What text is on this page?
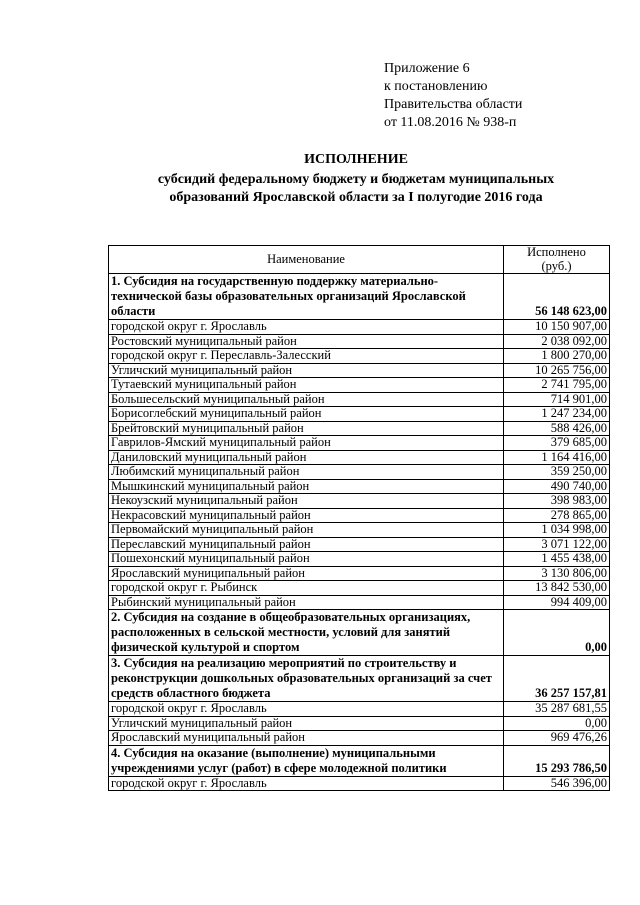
Приложение 6
к постановлению
Правительства области
от 11.08.2016 № 938-п
ИСПОЛНЕНИЕ
субсидий федеральному бюджету и бюджетам муниципальных образований Ярославской области за I полугодие 2016 года
Наименование	Исполнено (руб.)
1. Субсидия на государственную поддержку материально-технической базы образовательных организаций Ярославской области	56 148 623,00
городской округ г. Ярославль	10 150 907,00
Ростовский муниципальный район	2 038 092,00
городской округ г. Переславль-Залесский	1 800 270,00
Угличский муниципальный район	10 265 756,00
Тутаевский муниципальный район	2 741 795,00
Большесельский муниципальный район	714 901,00
Борисоглебский муниципальный район	1 247 234,00
Брейтовский муниципальный район	588 426,00
Гаврилов-Ямский муниципальный район	379 685,00
Даниловский муниципальный район	1 164 416,00
Любимский муниципальный район	359 250,00
Мышкинский муниципальный район	490 740,00
Некоузский муниципальный район	398 983,00
Некрасовский муниципальный район	278 865,00
Первомайский муниципальный район	1 034 998,00
Переславский муниципальный район	3 071 122,00
Пошехонский муниципальный район	1 455 438,00
Ярославский муниципальный район	3 130 806,00
городской округ г. Рыбинск	13 842 530,00
Рыбинский муниципальный район	994 409,00
2. Субсидия на создание в общеобразовательных организациях, расположенных в сельской местности, условий для занятий физической культурой и спортом	0,00
3. Субсидия на реализацию мероприятий по строительству и реконструкции дошкольных образовательных организаций за счет средств областного бюджета	36 257 157,81
городской округ г. Ярославль	35 287 681,55
Угличский муниципальный район	0,00
Ярославский муниципальный район	969 476,26
4. Субсидия на оказание (выполнение) муниципальными учреждениями услуг (работ) в сфере молодежной политики	15 293 786,50
городской округ г. Ярославль	546 396,00
